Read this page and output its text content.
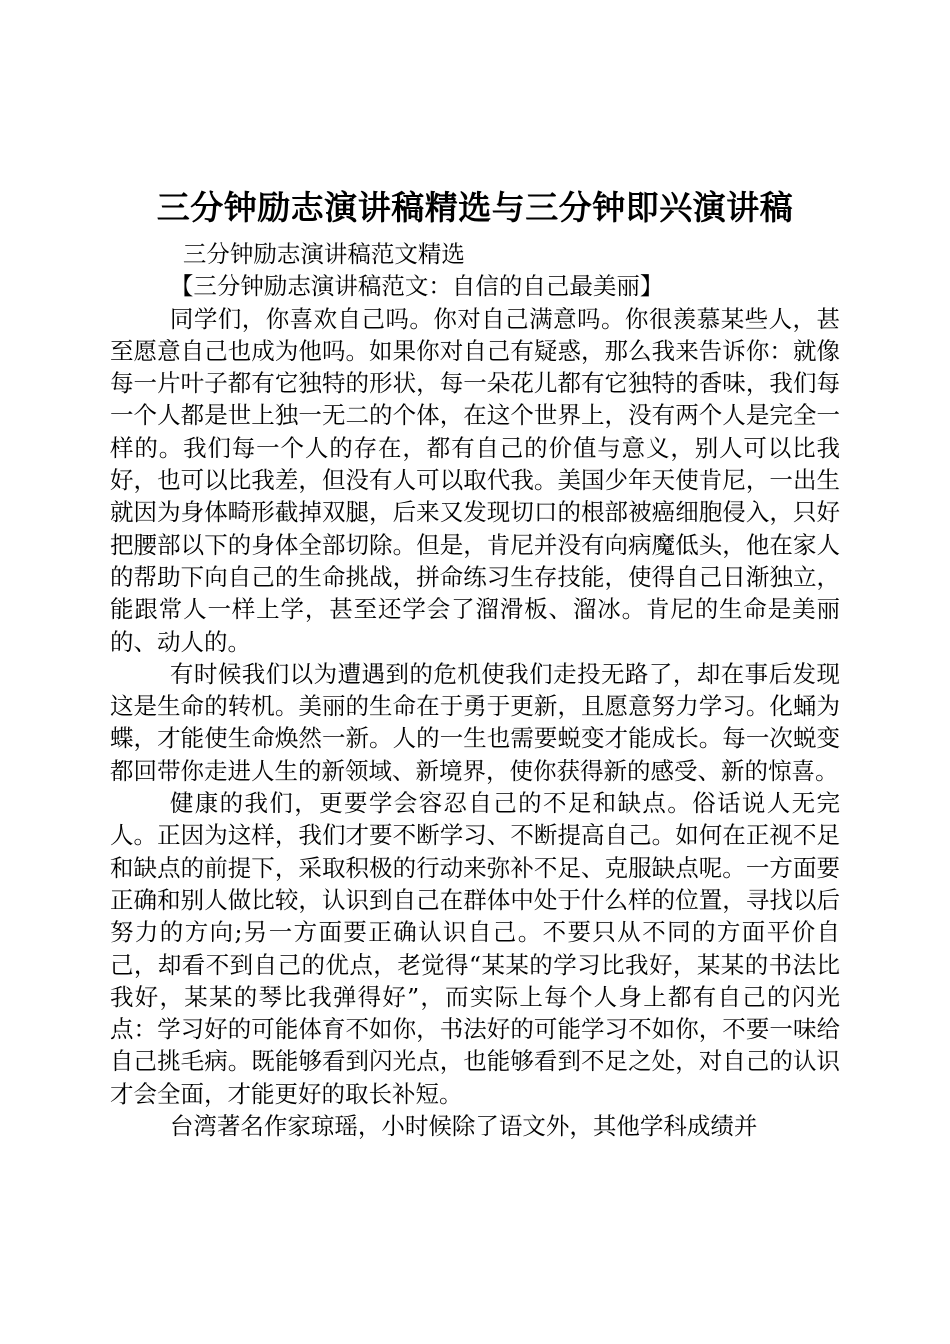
三分钟励志演讲稿精选与三分钟即兴演讲稿

三分钟励志演讲稿范文精选

【三分钟励志演讲稿范文：自信的自己最美丽】

同学们，你喜欢自己吗。你对自己满意吗。你很羡慕某些人，甚至愿意自己也成为他吗。如果你对自己有疑惑，那么我来告诉你：就像每一片叶子都有它独特的形状，每一朵花儿都有它独特的香味，我们每一个人都是世上独一无二的个体，在这个世界上，没有两个人是完全一样的。我们每一个人的存在，都有自己的价值与意义，别人可以比我好，也可以比我差，但没有人可以取代我。美国少年天使肯尼，一出生就因为身体畸形截掉双腿，后来又发现切口的根部被癌细胞侵入，只好把腰部以下的身体全部切除。但是，肯尼并没有向病魔低头，他在家人的帮助下向自己的生命挑战，拼命练习生存技能，使得自己日渐独立，能跟常人一样上学，甚至还学会了溜滑板、溜冰。肯尼的生命是美丽的、动人的。

有时候我们以为遭遇到的危机使我们走投无路了，却在事后发现这是生命的转机。美丽的生命在于勇于更新，且愿意努力学习。化蛹为蝶，才能使生命焕然一新。人的一生也需要蜕变才能成长。每一次蜕变都回带你走进人生的新领域、新境界，使你获得新的感受、新的惊喜。

健康的我们，更要学会容忍自己的不足和缺点。俗话说人无完人。正因为这样，我们才要不断学习、不断提高自己。如何在正视不足和缺点的前提下，采取积极的行动来弥补不足、克服缺点呢。一方面要正确和别人做比较，认识到自己在群体中处于什么样的位置，寻找以后努力的方向;另一方面要正确认识自己。不要只从不同的方面平价自己，却看不到自己的优点，老觉得“某某的学习比我好，某某的书法比我好，某某的琴比我弹得好”，而实际上每个人身上都有自己的闪光点：学习好的可能体育不如你，书法好的可能学习不如你，不要一味给自己挑毛病。既能够看到闪光点，也能够看到不足之处，对自己的认识才会全面，才能更好的取长补短。

台湾著名作家琼瑶，小时候除了语文外，其他学科成绩并
